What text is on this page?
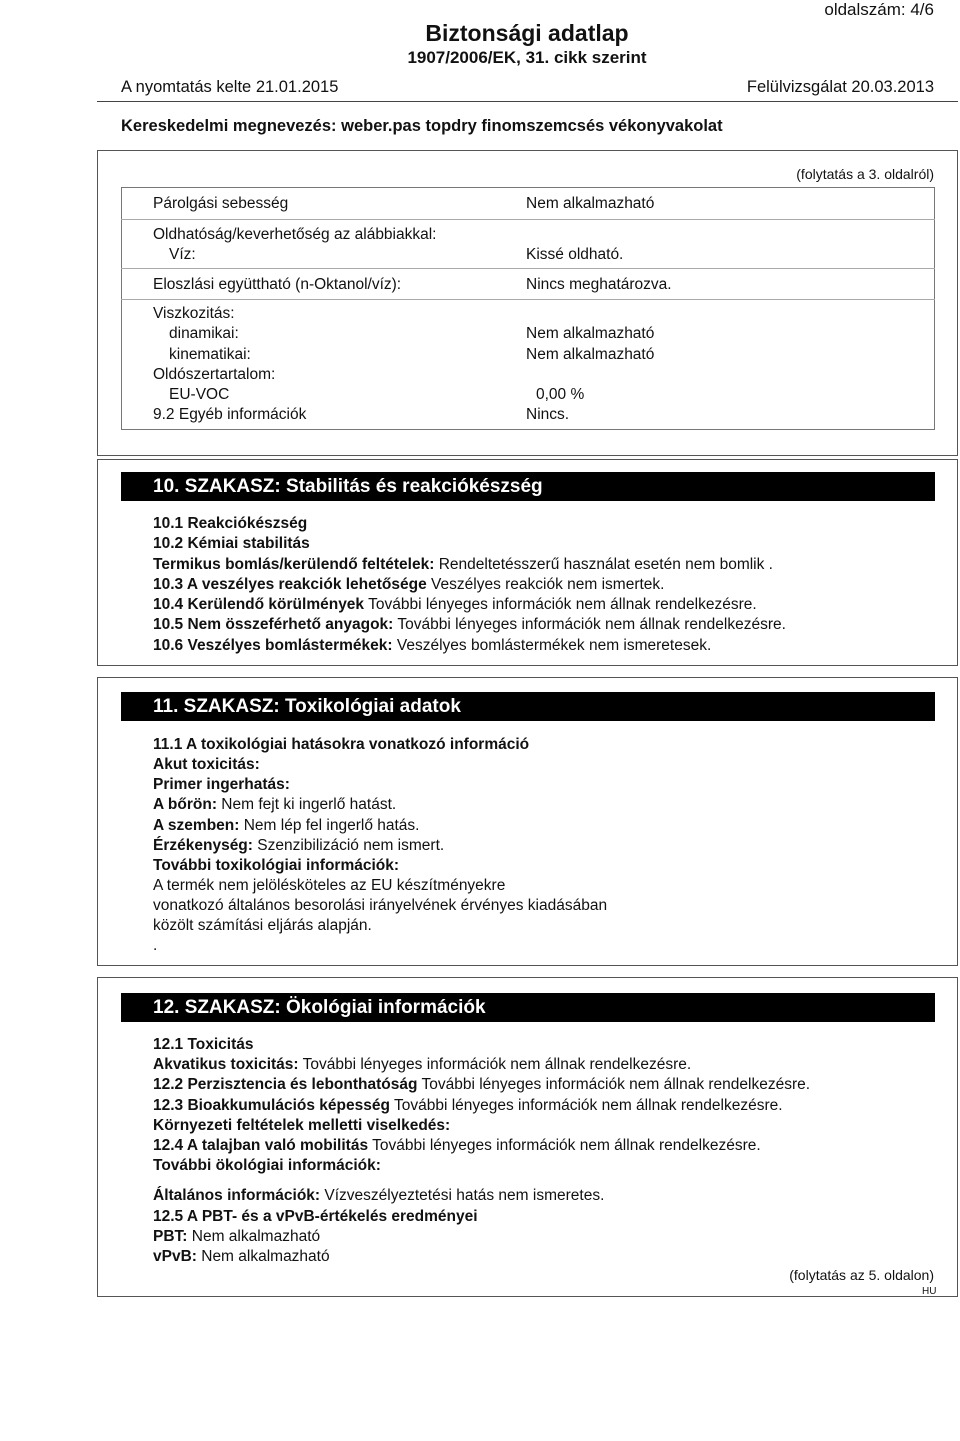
oldalszám: 4/6
Biztonsági adatlap
1907/2006/EK, 31. cikk szerint
A nyomtatás kelte 21.01.2015	Felülvizsgálat 20.03.2013
Kereskedelmi megnevezés: weber.pas topdry finomszemcsés vékonyvakolat
(folytatás a 3. oldalról)
Párolgási sebesség	Nem alkalmazható
Oldhatóság/keverhetőség az alábbiakkal:
Víz:	Kissé oldható.
Eloszlási együttható (n-Oktanol/víz):	Nincs meghatározva.
Viszkozitás:
dinamikai:	Nem alkalmazható
kinematikai:	Nem alkalmazható
Oldószertartalom:
EU-VOC	0,00 %
9.2 Egyéb információk	Nincs.
10. SZAKASZ: Stabilitás és reakciókészség
10.1 Reakciókészség
10.2 Kémiai stabilitás
Termikus bomlás/kerülendő feltételek: Rendeltetésszerű használat esetén nem bomlik .
10.3 A veszélyes reakciók lehetősége Veszélyes reakciók nem ismertek.
10.4 Kerülendő körülmények További lényeges információk nem állnak rendelkezésre.
10.5 Nem összeférhető anyagok: További lényeges információk nem állnak rendelkezésre.
10.6 Veszélyes bomlástermékek: Veszélyes bomlástermékek nem ismeretesek.
11. SZAKASZ: Toxikológiai adatok
11.1 A toxikológiai hatásokra vonatkozó információ
Akut toxicitás:
Primer ingerhatás:
A bőrön: Nem fejt ki ingerlő hatást.
A szemben: Nem lép fel ingerlő hatás.
Érzékenység: Szenzibilizáció nem ismert.
További toxikológiai információk:
A termék nem jelölésköteles az EU készítményekre
vonatkozó általános besorolási irányelvének érvényes kiadásában
közölt számítási eljárás alapján.
.
12. SZAKASZ: Ökológiai információk
12.1 Toxicitás
Akvatikus toxicitás: További lényeges információk nem állnak rendelkezésre.
12.2 Perzisztencia és lebonthatóság További lényeges információk nem állnak rendelkezésre.
12.3 Bioakkumulációs képesség További lényeges információk nem állnak rendelkezésre.
Környezeti feltételek melletti viselkedés:
12.4 A talajban való mobilitás További lényeges információk nem állnak rendelkezésre.
További ökológiai információk:
Általános információk: Vízveszélyeztetési hatás nem ismeretes.
12.5 A PBT- és a vPvB-értékelés eredményei
PBT: Nem alkalmazható
vPvB: Nem alkalmazható
(folytatás az 5. oldalon)
HU
